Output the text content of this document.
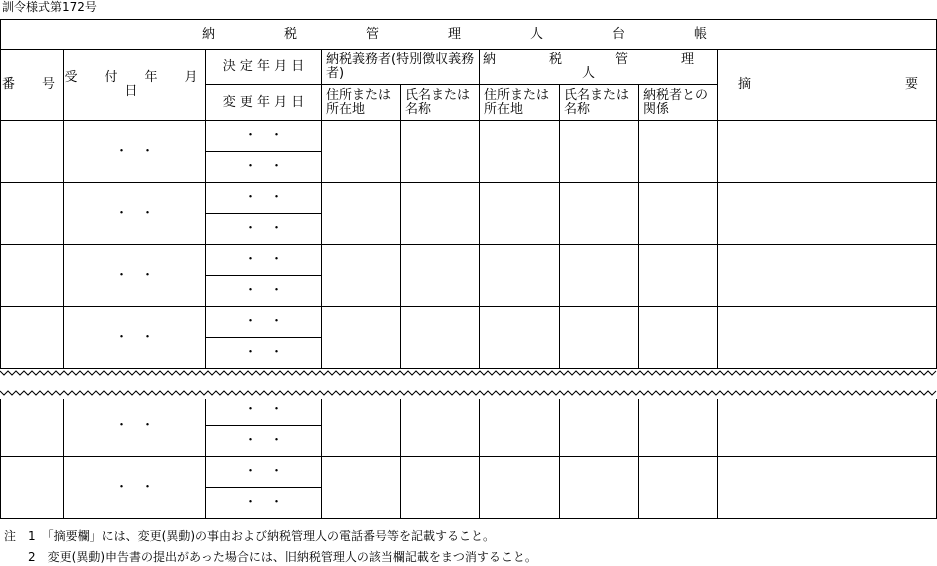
訓令様式第172号
納　税　管　理　人　台　帳								
番　号	受　付　年　月　日	決 定 年 月 日	納税義務者(特別徴収義務者)		納　税　管　理　人			摘 要

		変 更 年 月 日	住所または所在地	氏名または名称	住所または所在地	氏名または名称	納税者との関係	
	・　・	・　・						
		・　・						
	・　・	・　・						
		・　・						
	・　・	・　・						
		・　・						
	・　・	・　・						
		・　・						

	・　・	・　・						
		・　・						
	・　・	・　・						
		・　・						
注　1　「摘要欄」には、変更(異動)の事由および納税管理人の電話番号等を記載すること。
　　2　変更(異動)申告書の提出があった場合には、旧納税管理人の該当欄記載をまつ消すること。
